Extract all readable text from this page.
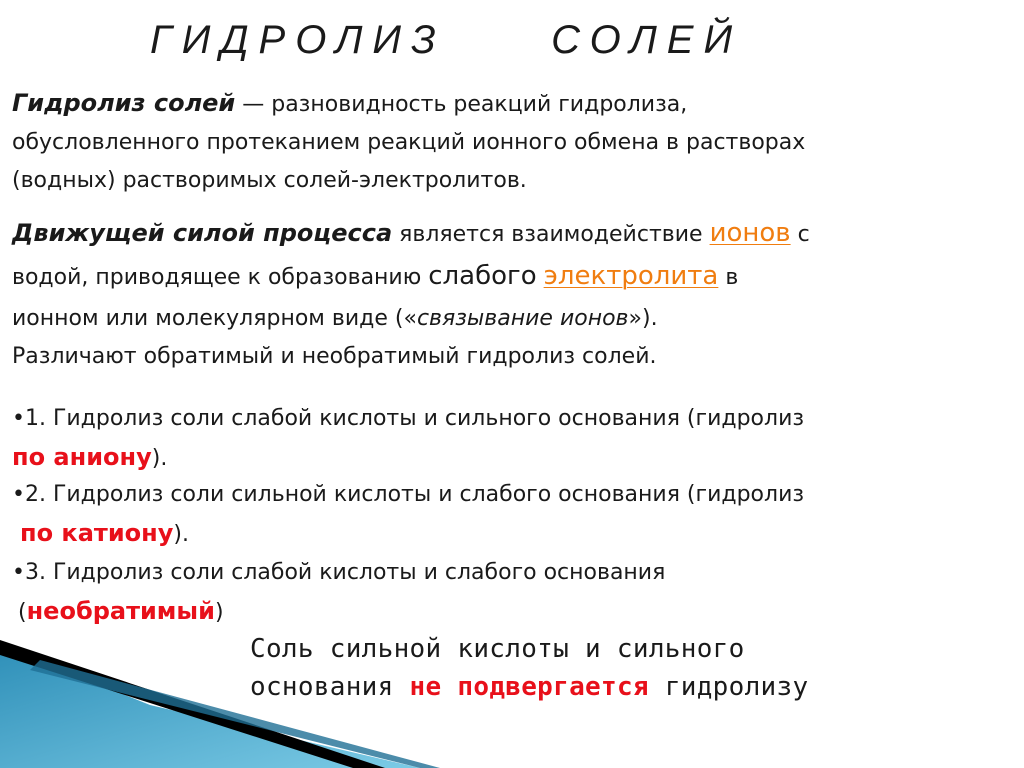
ГИДРОЛИЗ     СОЛЕЙ
Гидролиз солей — разновидность реакций гидролиза,
обусловленного протеканием реакций ионного обмена в растворах
(водных) растворимых солей-электролитов.
Движущей силой процесса является взаимодействие ионов с
водой, приводящее к образованию слабого электролита в
ионном или молекулярном виде («связывание ионов»).
Различают обратимый и необратимый гидролиз солей.
•1. Гидролиз соли слабой кислоты и сильного основания (гидролиз
по аниону).
•2. Гидролиз соли сильной кислоты и слабого основания (гидролиз
по катиону).
•3. Гидролиз соли слабой кислоты и слабого основания
(необратимый)
Соль сильной кислоты и сильного
основания не подвергается гидролизу
